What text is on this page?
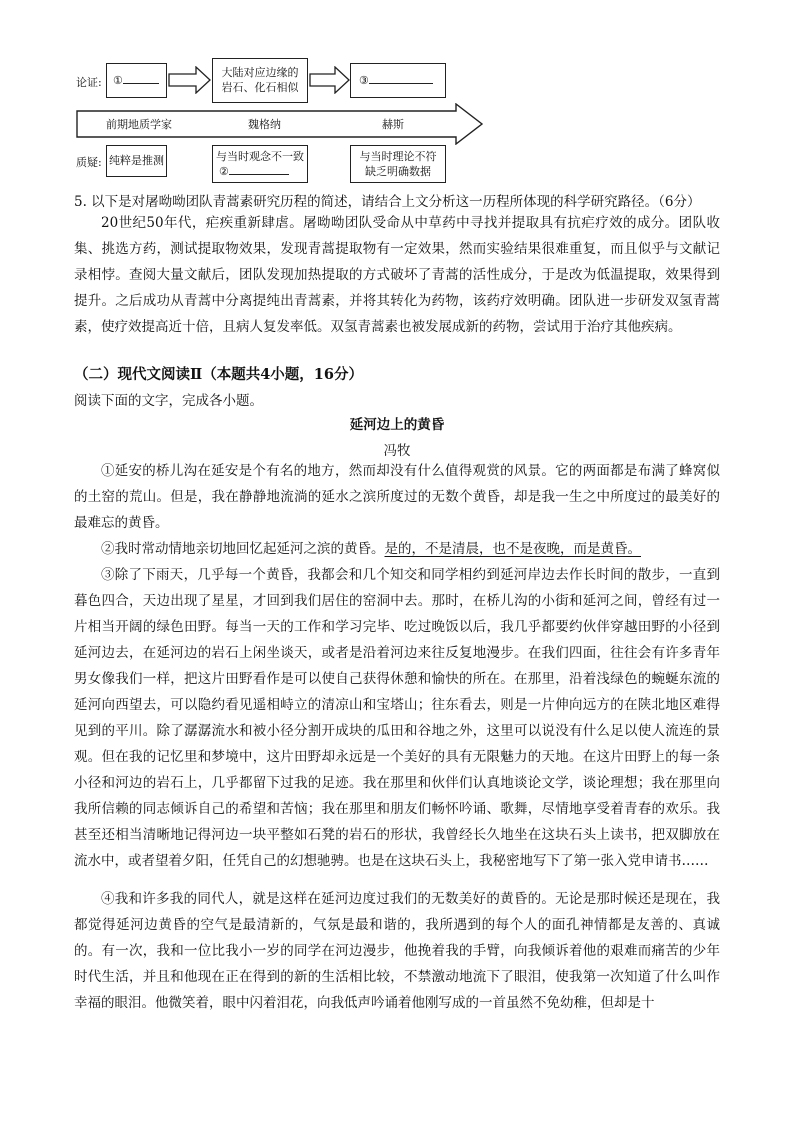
论证:	①
大陆对应边缘的
岩石、化石相似
③
前期地质学家	魏格纳	赫斯
质疑: 纯粹是推测	与当时观念不一致
②
与当时理论不符
缺乏明确数据
5. 以下是对屠呦呦团队青蒿素研究历程的简述，请结合上文分析这一历程所体现的科学研究路径。（6分）

20世纪50年代，疟疾重新肆虐。屠呦呦团队受命从中草药中寻找并提取具有抗疟疗效的成分。团队收集、挑选方药，测试提取物效果，发现青蒿提取物有一定效果，然而实验结果很难重复，而且似乎与文献记录相悖。查阅大量文献后，团队发现加热提取的方式破坏了青蒿的活性成分，于是改为低温提取，效果得到提升。之后成功从青蒿中分离提纯出青蒿素，并将其转化为药物，该药疗效明确。团队进一步研发双氢青蒿素，使疗效提高近十倍，且病人复发率低。双氢青蒿素也被发展成新的药物，尝试用于治疗其他疾病。

（二）现代文阅读Ⅱ（本题共4小题，16分）
阅读下面的文字，完成各小题。
延河边上的黄昏
冯牧

①延安的桥儿沟在延安是个有名的地方，然而却没有什么值得观赏的风景。它的两面都是布满了蜂窝似的土窑的荒山。但是，我在静静地流淌的延水之滨所度过的无数个黄昏，却是我一生之中所度过的最美好的最难忘的黄昏。

②我时常动情地亲切地回忆起延河之滨的黄昏。是的，不是清晨，也不是夜晚，而是黄昏。

③除了下雨天，几乎每一个黄昏，我都会和几个知交和同学相约到延河岸边去作长时间的散步，一直到暮色四合，天边出现了星星，才回到我们居住的窑洞中去。那时，在桥儿沟的小街和延河之间，曾经有过一片相当开阔的绿色田野。每当一天的工作和学习完毕、吃过晚饭以后，我几乎都要约伙伴穿越田野的小径到延河边去，在延河边的岩石上闲坐谈天，或者是沿着河边来往反复地漫步。在我们四面，往往会有许多青年男女像我们一样，把这片田野看作是可以使自己获得休憩和愉快的所在。在那里，沿着浅绿色的蜿蜒东流的延河向西望去，可以隐约看见遥相峙立的清凉山和宝塔山；往东看去，则是一片伸向远方的在陕北地区难得见到的平川。除了潺潺流水和被小径分割开成块的瓜田和谷地之外，这里可以说没有什么足以使人流连的景观。但在我的记忆里和梦境中，这片田野却永远是一个美好的具有无限魅力的天地。在这片田野上的每一条小径和河边的岩石上，几乎都留下过我的足迹。我在那里和伙伴们认真地谈论文学，谈论理想；我在那里向我所信赖的同志倾诉自己的希望和苦恼；我在那里和朋友们畅怀吟诵、歌舞，尽情地享受着青春的欢乐。我甚至还相当清晰地记得河边一块平整如石凳的岩石的形状，我曾经长久地坐在这块石头上读书，把双脚放在流水中，或者望着夕阳，任凭自己的幻想驰骋。也是在这块石头上，我秘密地写下了第一张入党申请书……

④我和许多我的同代人，就是这样在延河边度过我们的无数美好的黄昏的。无论是那时候还是现在，我都觉得延河边黄昏的空气是最清新的，气氛是最和谐的，我所遇到的每个人的面孔神情都是友善的、真诚的。有一次，我和一位比我小一岁的同学在河边漫步，他挽着我的手臂，向我倾诉着他的艰难而痛苦的少年时代生活，并且和他现在正在得到的新的生活相比较，不禁激动地流下了眼泪，使我第一次知道了什么叫作幸福的眼泪。他微笑着，眼中闪着泪花，向我低声吟诵着他刚写成的一首虽然不免幼稚，但却是十
